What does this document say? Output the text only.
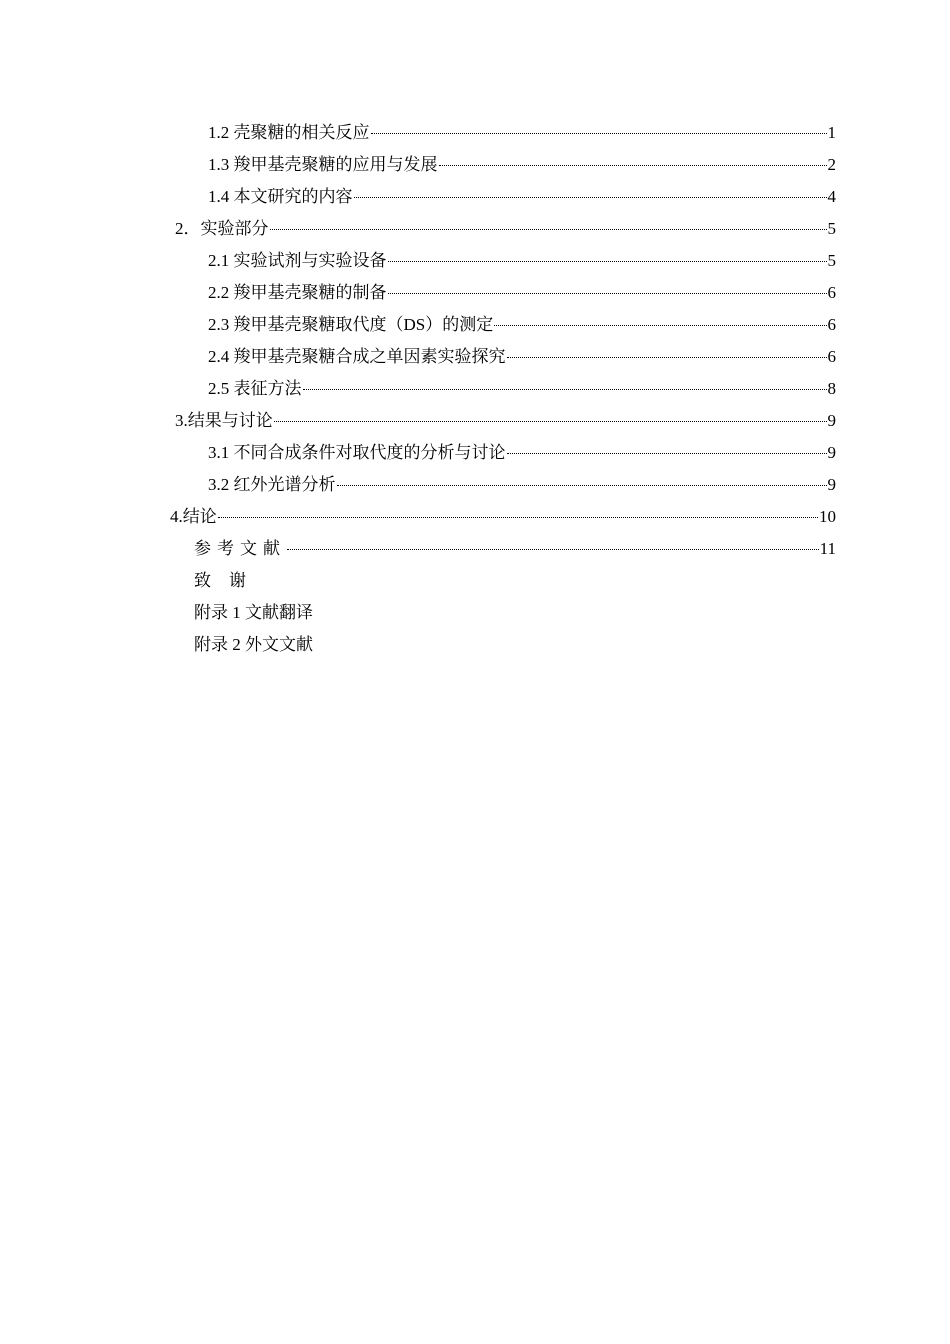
1.2 壳聚糖的相关反应	1
1.3 羧甲基壳聚糖的应用与发展	2
1.4 本文研究的内容	4
2．实验部分	5
2.1 实验试剂与实验设备	5
2.2 羧甲基壳聚糖的制备	6
2.3 羧甲基壳聚糖取代度（DS）的测定	6
2.4 羧甲基壳聚糖合成之单因素实验探究	6
2.5 表征方法	8
3.结果与讨论	9
3.1 不同合成条件对取代度的分析与讨论	9
3.2 红外光谱分析	9
4.结论	10
参考文献	11
致 谢
附录 1 文献翻译
附录 2 外文文献
